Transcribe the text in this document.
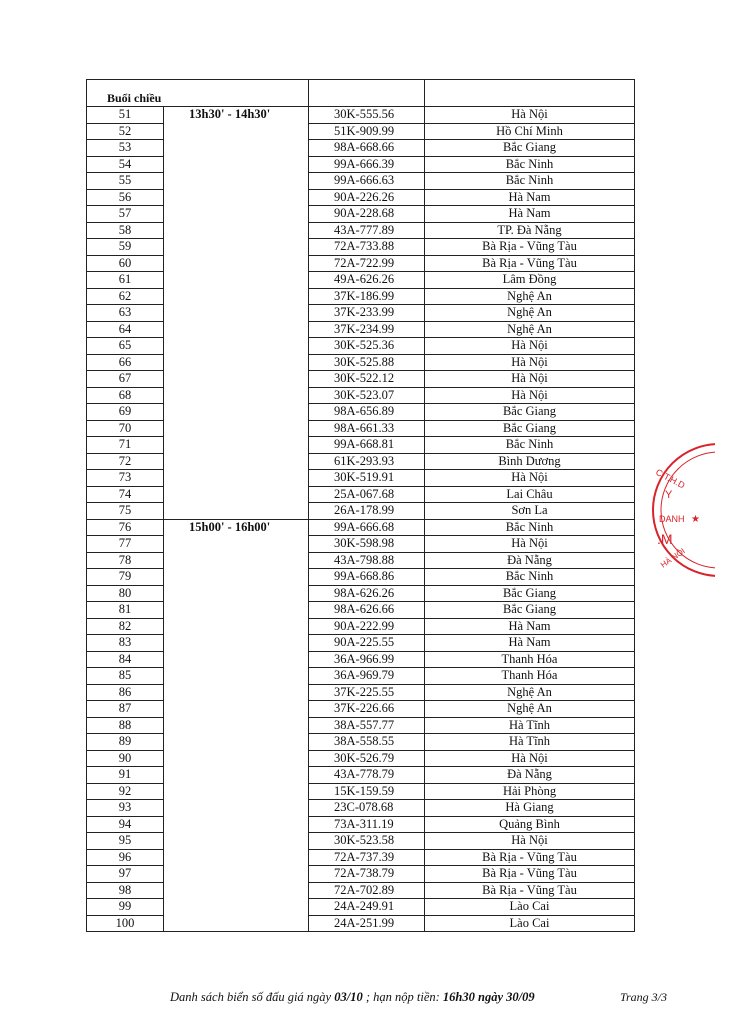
Buổi chiều			
51	13h30' - 14h30'	30K-555.56	Hà Nội
52		51K-909.99	Hồ Chí Minh
53		98A-668.66	Bắc Giang
54		99A-666.39	Bắc Ninh
55		99A-666.63	Bắc Ninh
56		90A-226.26	Hà Nam
57		90A-228.68	Hà Nam
58		43A-777.89	TP. Đà Nẵng
59		72A-733.88	Bà Rịa - Vũng Tàu
60		72A-722.99	Bà Rịa - Vũng Tàu
61		49A-626.26	Lâm Đồng
62		37K-186.99	Nghệ An
63		37K-233.99	Nghệ An
64		37K-234.99	Nghệ An
65		30K-525.36	Hà Nội
66		30K-525.88	Hà Nội
67		30K-522.12	Hà Nội
68		30K-523.07	Hà Nội
69		98A-656.89	Bắc Giang
70		98A-661.33	Bắc Giang
71		99A-668.81	Bắc Ninh
72		61K-293.93	Bình Dương
73		30K-519.91	Hà Nội
74		25A-067.68	Lai Châu
75		26A-178.99	Sơn La
76	15h00' - 16h00'	99A-666.68	Bắc Ninh
77		30K-598.98	Hà Nội
78		43A-798.88	Đà Nẵng
79		99A-668.86	Bắc Ninh
80		98A-626.26	Bắc Giang
81		98A-626.66	Bắc Giang
82		90A-222.99	Hà Nam
83		90A-225.55	Hà Nam
84		36A-966.99	Thanh Hóa
85		36A-969.79	Thanh Hóa
86		37K-225.55	Nghệ An
87		37K-226.66	Nghệ An
88		38A-557.77	Hà Tĩnh
89		38A-558.55	Hà Tĩnh
90		30K-526.79	Hà Nội
91		43A-778.79	Đà Nẵng
92		15K-159.59	Hải Phòng
93		23C-078.68	Hà Giang
94		73A-311.19	Quảng Bình
95		30K-523.58	Hà Nội
96		72A-737.39	Bà Rịa - Vũng Tàu
97		72A-738.79	Bà Rịa - Vũng Tàu
98		72A-702.89	Bà Rịa - Vũng Tàu
99		24A-249.91	Lào Cai
100		24A-251.99	Lào Cai
Danh sách biển số đấu giá ngày 03/10 ; hạn nộp tiền: 16h30 ngày 30/09	Trang 3/3
C.T.H.D
Y
DANH ★
.M
HÀ NỘI
